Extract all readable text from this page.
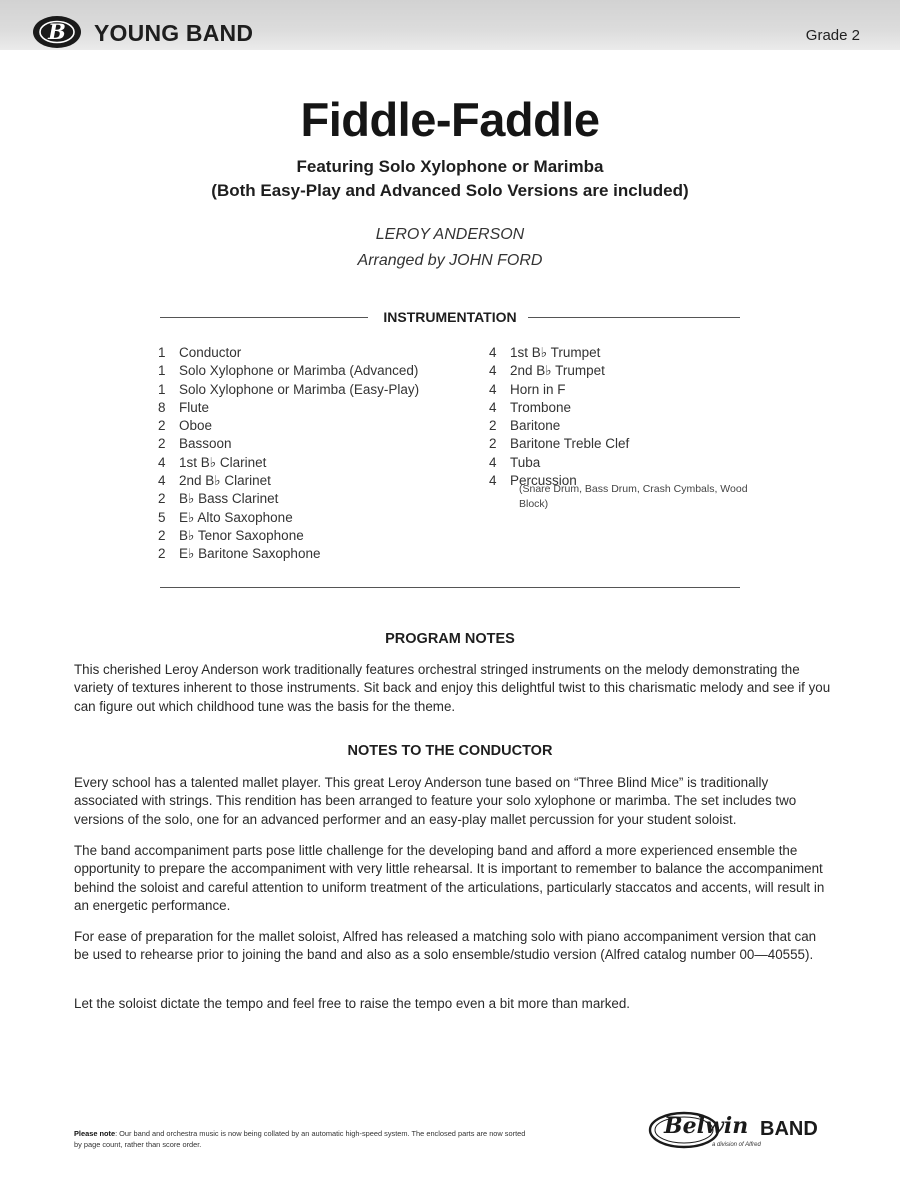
B YOUNG BAND	Grade 2
Fiddle-Faddle
Featuring Solo Xylophone or Marimba
(Both Easy-Play and Advanced Solo Versions are included)
LEROY ANDERSON
Arranged by JOHN FORD
INSTRUMENTATION
1 Conductor
1 Solo Xylophone or Marimba (Advanced)
1 Solo Xylophone or Marimba (Easy-Play)
8 Flute
2 Oboe
2 Bassoon
4 1st B♭ Clarinet
4 2nd B♭ Clarinet
2 B♭ Bass Clarinet
5 E♭ Alto Saxophone
2 B♭ Tenor Saxophone
2 E♭ Baritone Saxophone
4 1st B♭ Trumpet
4 2nd B♭ Trumpet
4 Horn in F
4 Trombone
2 Baritone
2 Baritone Treble Clef
4 Tuba
4 Percussion
(Snare Drum, Bass Drum, Crash Cymbals, Wood Block)
PROGRAM NOTES

This cherished Leroy Anderson work traditionally features orchestral stringed instruments on the melody demonstrating the variety of textures inherent to those instruments. Sit back and enjoy this delightful twist to this charismatic melody and see if you can figure out which childhood tune was the basis for the theme.

NOTES TO THE CONDUCTOR

Every school has a talented mallet player. This great Leroy Anderson tune based on “Three Blind Mice” is traditionally associated with strings. This rendition has been arranged to feature your solo xylophone or marimba. The set includes two versions of the solo, one for an advanced performer and an easy-play mallet percussion for your student soloist.

The band accompaniment parts pose little challenge for the developing band and afford a more experienced ensemble the opportunity to prepare the accompaniment with very little rehearsal. It is important to remember to balance the accompaniment behind the soloist and careful attention to uniform treatment of the articulations, particularly staccatos and accents, will result in an energetic performance.

For ease of preparation for the mallet soloist, Alfred has released a matching solo with piano accompaniment version that can be used to rehearse prior to joining the band and also as a solo ensemble/studio version (Alfred catalog number 00—40555).

Let the soloist dictate the tempo and feel free to raise the tempo even a bit more than marked.

Please note: Our band and orchestra music is now being collated by an automatic high-speed system. The enclosed parts are now sorted by page count, rather than score order.
Belwin BAND
a division of Alfred
